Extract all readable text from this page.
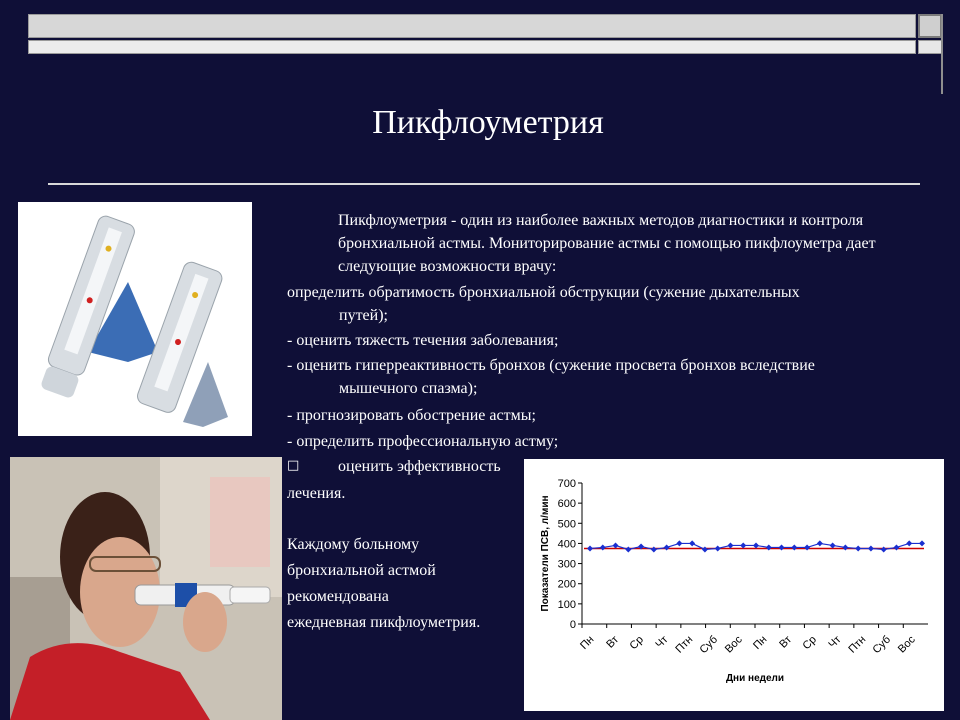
Пикфлоуметрия
Пикфлоуметрия - один из наиболее важных методов диагностики и контроля бронхиальной астмы. Мониторирование астмы с помощью пикфлоуметра дает следующие возможности врачу:
определить обратимость бронхиальной обструкции (сужение дыхательных
путей);
- оценить тяжесть течения заболевания;
- оценить гиперреактивность бронхов (сужение просвета бронхов вследствие
мышечного спазма);
- прогнозировать обострение астмы;
- определить профессиональную астму;
□ оценить эффективность
лечения.
Каждому больному
бронхиальной астмой
рекомендована
ежедневная пикфлоуметрия.	0
100
200
300
400
500
600
700
Пн Вт Ср Чт Птн Суб Вос Пн Вт Ср Чт Птн Суб Вос
Показатели ПСВ, л/мин
Дни недели
